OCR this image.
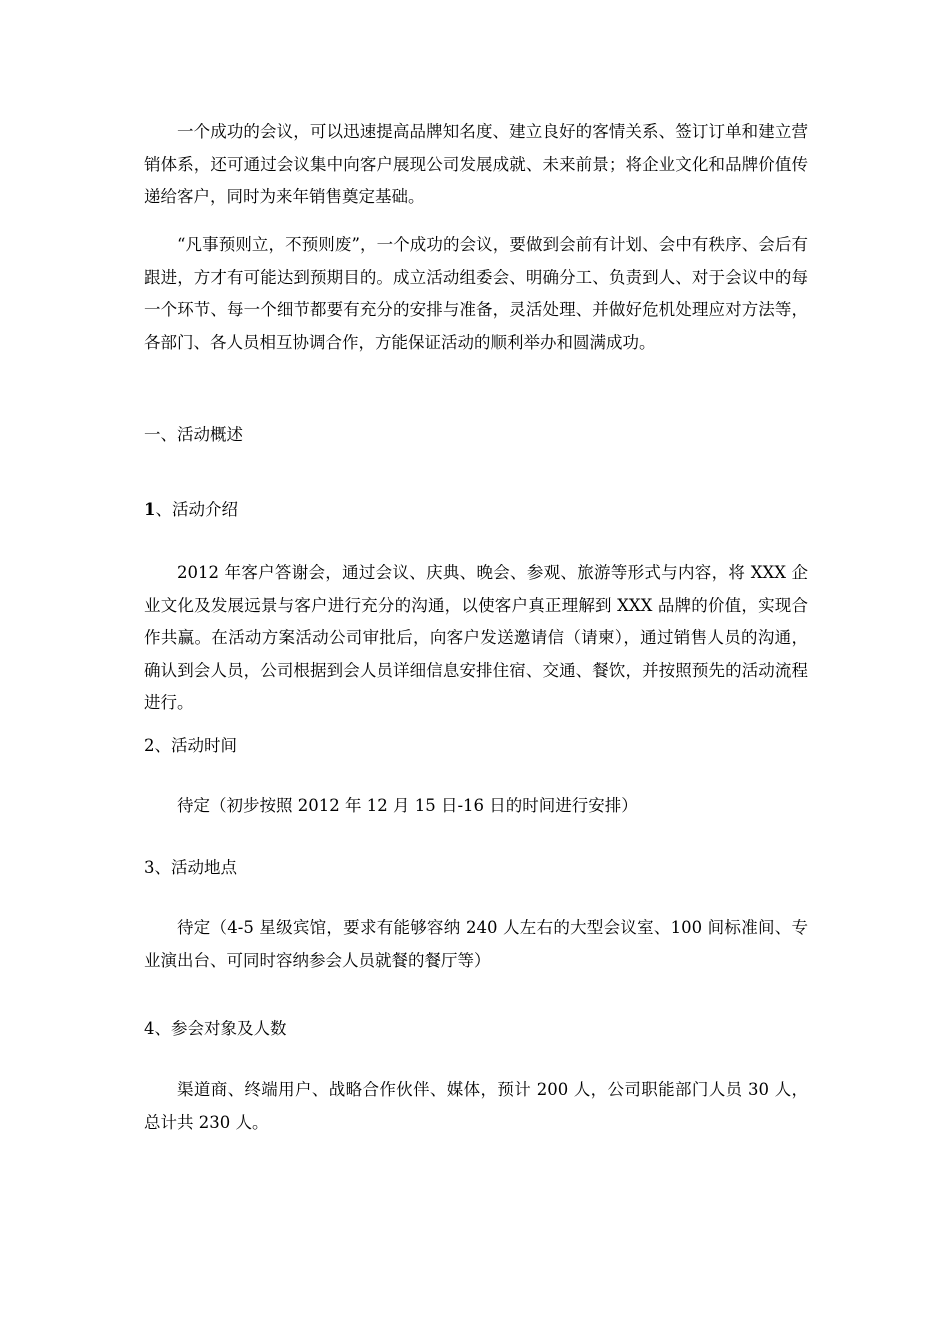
一个成功的会议，可以迅速提高品牌知名度、建立良好的客情关系、签订订单和建立营销体系，还可通过会议集中向客户展现公司发展成就、未来前景；将企业文化和品牌价值传递给客户，同时为来年销售奠定基础。

“凡事预则立，不预则废”，一个成功的会议，要做到会前有计划、会中有秩序、会后有跟进，方才有可能达到预期目的。成立活动组委会、明确分工、负责到人、对于会议中的每一个环节、每一个细节都要有充分的安排与准备，灵活处理、并做好危机处理应对方法等，各部门、各人员相互协调合作，方能保证活动的顺利举办和圆满成功。

一、活动概述
1、活动介绍

2012 年客户答谢会，通过会议、庆典、晚会、参观、旅游等形式与内容，将 XXX 企业文化及发展远景与客户进行充分的沟通，以使客户真正理解到 XXX 品牌的价值，实现合作共赢。在活动方案活动公司审批后，向客户发送邀请信（请柬），通过销售人员的沟通，确认到会人员，公司根据到会人员详细信息安排住宿、交通、餐饮，并按照预先的活动流程进行。

2、活动时间

待定（初步按照 2012 年 12 月 15 日-16 日的时间进行安排）

3、活动地点

待定（4-5 星级宾馆，要求有能够容纳 240 人左右的大型会议室、100 间标准间、专业演出台、可同时容纳参会人员就餐的餐厅等）

4、参会对象及人数

渠道商、终端用户、战略合作伙伴、媒体，预计 200 人，公司职能部门人员 30 人，总计共 230 人。
